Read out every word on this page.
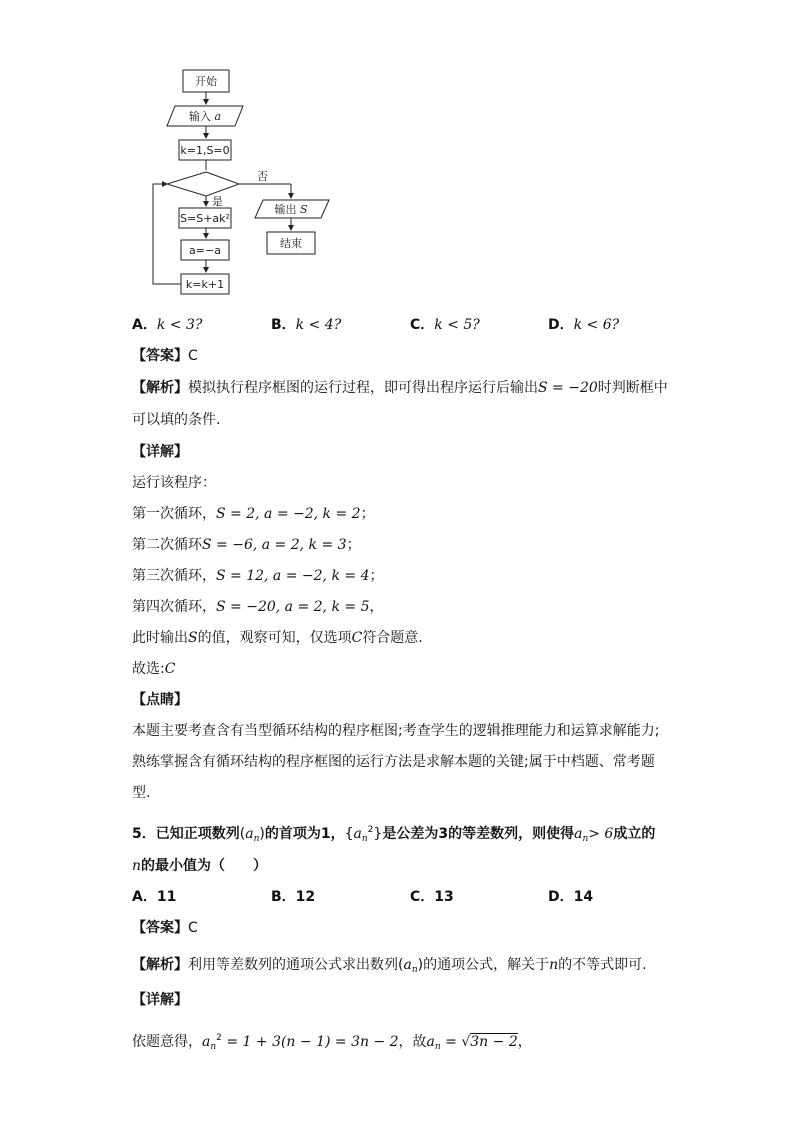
开始
输入 a
k=1,S=0
否
是
S=S+ak²
a=−a
k=k+1
输出 S
结束
A．k < 3?	B．k < 4?	C．k < 5?	D．k < 6?
【答案】C
【解析】模拟执行程序框图的运行过程，即可得出程序运行后输出S = −20时判断框中
可以填的条件.
【详解】
运行该程序：
第一次循环，S = 2, a = −2, k = 2；
第二次循环S = −6, a = 2, k = 3；
第三次循环，S = 12, a = −2, k = 4；
第四次循环，S = −20, a = 2, k = 5，
此时输出S的值，观察可知，仅选项C符合题意.
故选:C
【点睛】
本题主要考查含有当型循环结构的程序框图;考查学生的逻辑推理能力和运算求解能力;
熟练掌握含有循环结构的程序框图的运行方法是求解本题的关键;属于中档题、常考题
型.
5．已知正项数列$(a_n)$的首项为1，$\{a_n^2\}$是公差为3的等差数列，则使得$a_n> 6$成立的
n的最小值为（　　）
A．11	B．12	C．13	D．14
【答案】C
【解析】利用等差数列的通项公式求出数列$(a_n)$的通项公式，解关于n的不等式即可.
【详解】
依题意得，$a_n^2 = 1 + 3(n - 1) = 3n - 2$，故$a_n = √3n - 2$，
